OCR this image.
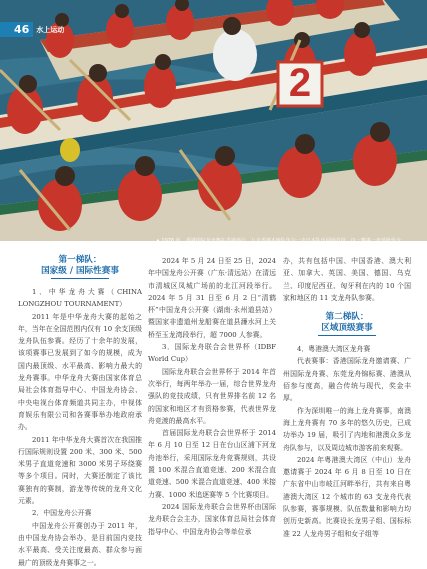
2
46	水上运动
▲ 1976 年，香港国际龙舟赛在香港举行，九支香港本地队伍与一支日本队伍同场竞技，这一赛事一直延续至今
第一梯队：
国家级 / 国际性赛事

1．中华龙舟大赛（CHINA LONGZHOU TOURNAMENT）

2011 年是中华龙舟大赛的起始之年，当年在全国范围内仅有 10 余支顶级龙舟队伍参赛。经历了十余年的发展，该项赛事已发展到了如今的规模，成为国内最顶级、水平最高、影响力最大的龙舟赛事。中华龙舟大赛由国家体育总局社会体育指导中心、中国龙舟协会、中央电视台体育频道共同主办，中视体育娱乐有限公司和各赛事举办地政府承办。

2011 年中华龙舟大赛首次在我国推行国际规则设置 200 米、300 米、500 米男子直道竞速和 3000 米男子环绕赛等多个项目。同时，大赛还制定了该比赛独有的赛制，游龙等传统的龙舟文化元素。

2．中国龙舟公开赛

中国龙舟公开赛创办于 2011 年，由中国龙舟协会举办，是目前国内竞技水平最高、受关注度最高、群众参与面最广的顶级龙舟赛事之一。

2024 年 5 月 24 日至 25 日，2024 年中国龙舟公开赛（广东·清远站）在清远市清城区凤城广场前的北江河段举行。2024 年 5 月 31 日至 6 月 2 日“清鹤杯”中国龙舟公开赛（湖南·永州道县站）暨国家非遗道州龙船赛在道县濂水河上关桥至玉龙湾段举行，超 7000 人参赛。

3．国际龙舟联合会世界杯（IDBF World Cup）

国际龙舟联合会世界杯于 2014 年首次举行，每两年举办一届，综合世界龙舟强队的竞技成绩，只有世界排名前 12 名的国家和地区才有资格参赛，代表世界龙舟竞渡的最高水平。

首届国际龙舟联合会世界杯于 2014 年 6 月 10 日至 12 日在台山区浦下河龙舟池举行，采用国际龙舟竞赛规则，共设置 100 米混合直道竞速、200 米混合直道竞速、500 米混合直道竞速、400 米接力赛、1000 米追逐赛等 5 个比赛项目。

2024 国际龙舟联合会世界杯由国际龙舟联合会主办，国家体育总局社会体育指导中心、中国龙舟协会等单位承

办，共有包括中国、中国香港、澳大利亚、加拿大、英国、美国、德国、乌克兰、印度尼西亚、匈牙利在内的 10 个国家和地区的 11 支龙舟队参赛。

第二梯队：
区域顶级赛事

4．粤港澳大湾区龙舟赛

代表赛事：香港国际龙舟邀请赛、广州国际龙舟赛、东莞龙舟锦标赛、港澳从佰参与度高，融合传统与现代，奖金丰厚。

作为深圳唯一的海上龙舟赛事，南澳海上龙舟赛有 70 多年的悠久历史，已成功举办 19 届，吸引了内地和港澳众多龙舟队参与，以及周边城市游客前来观赛。

2024 年粤港澳大湾区（中山）龙舟邀请赛于 2024 年 6 月 8 日至 10 日在广东省中山市岐江河畔举行，共有来自粤港澳大湾区 12 个城市的 63 支龙舟代表队参赛，赛事规模、队伍数量和影响力均创历史新高。比赛设长龙男子组、国标标准 22 人龙舟男子组和女子组等
